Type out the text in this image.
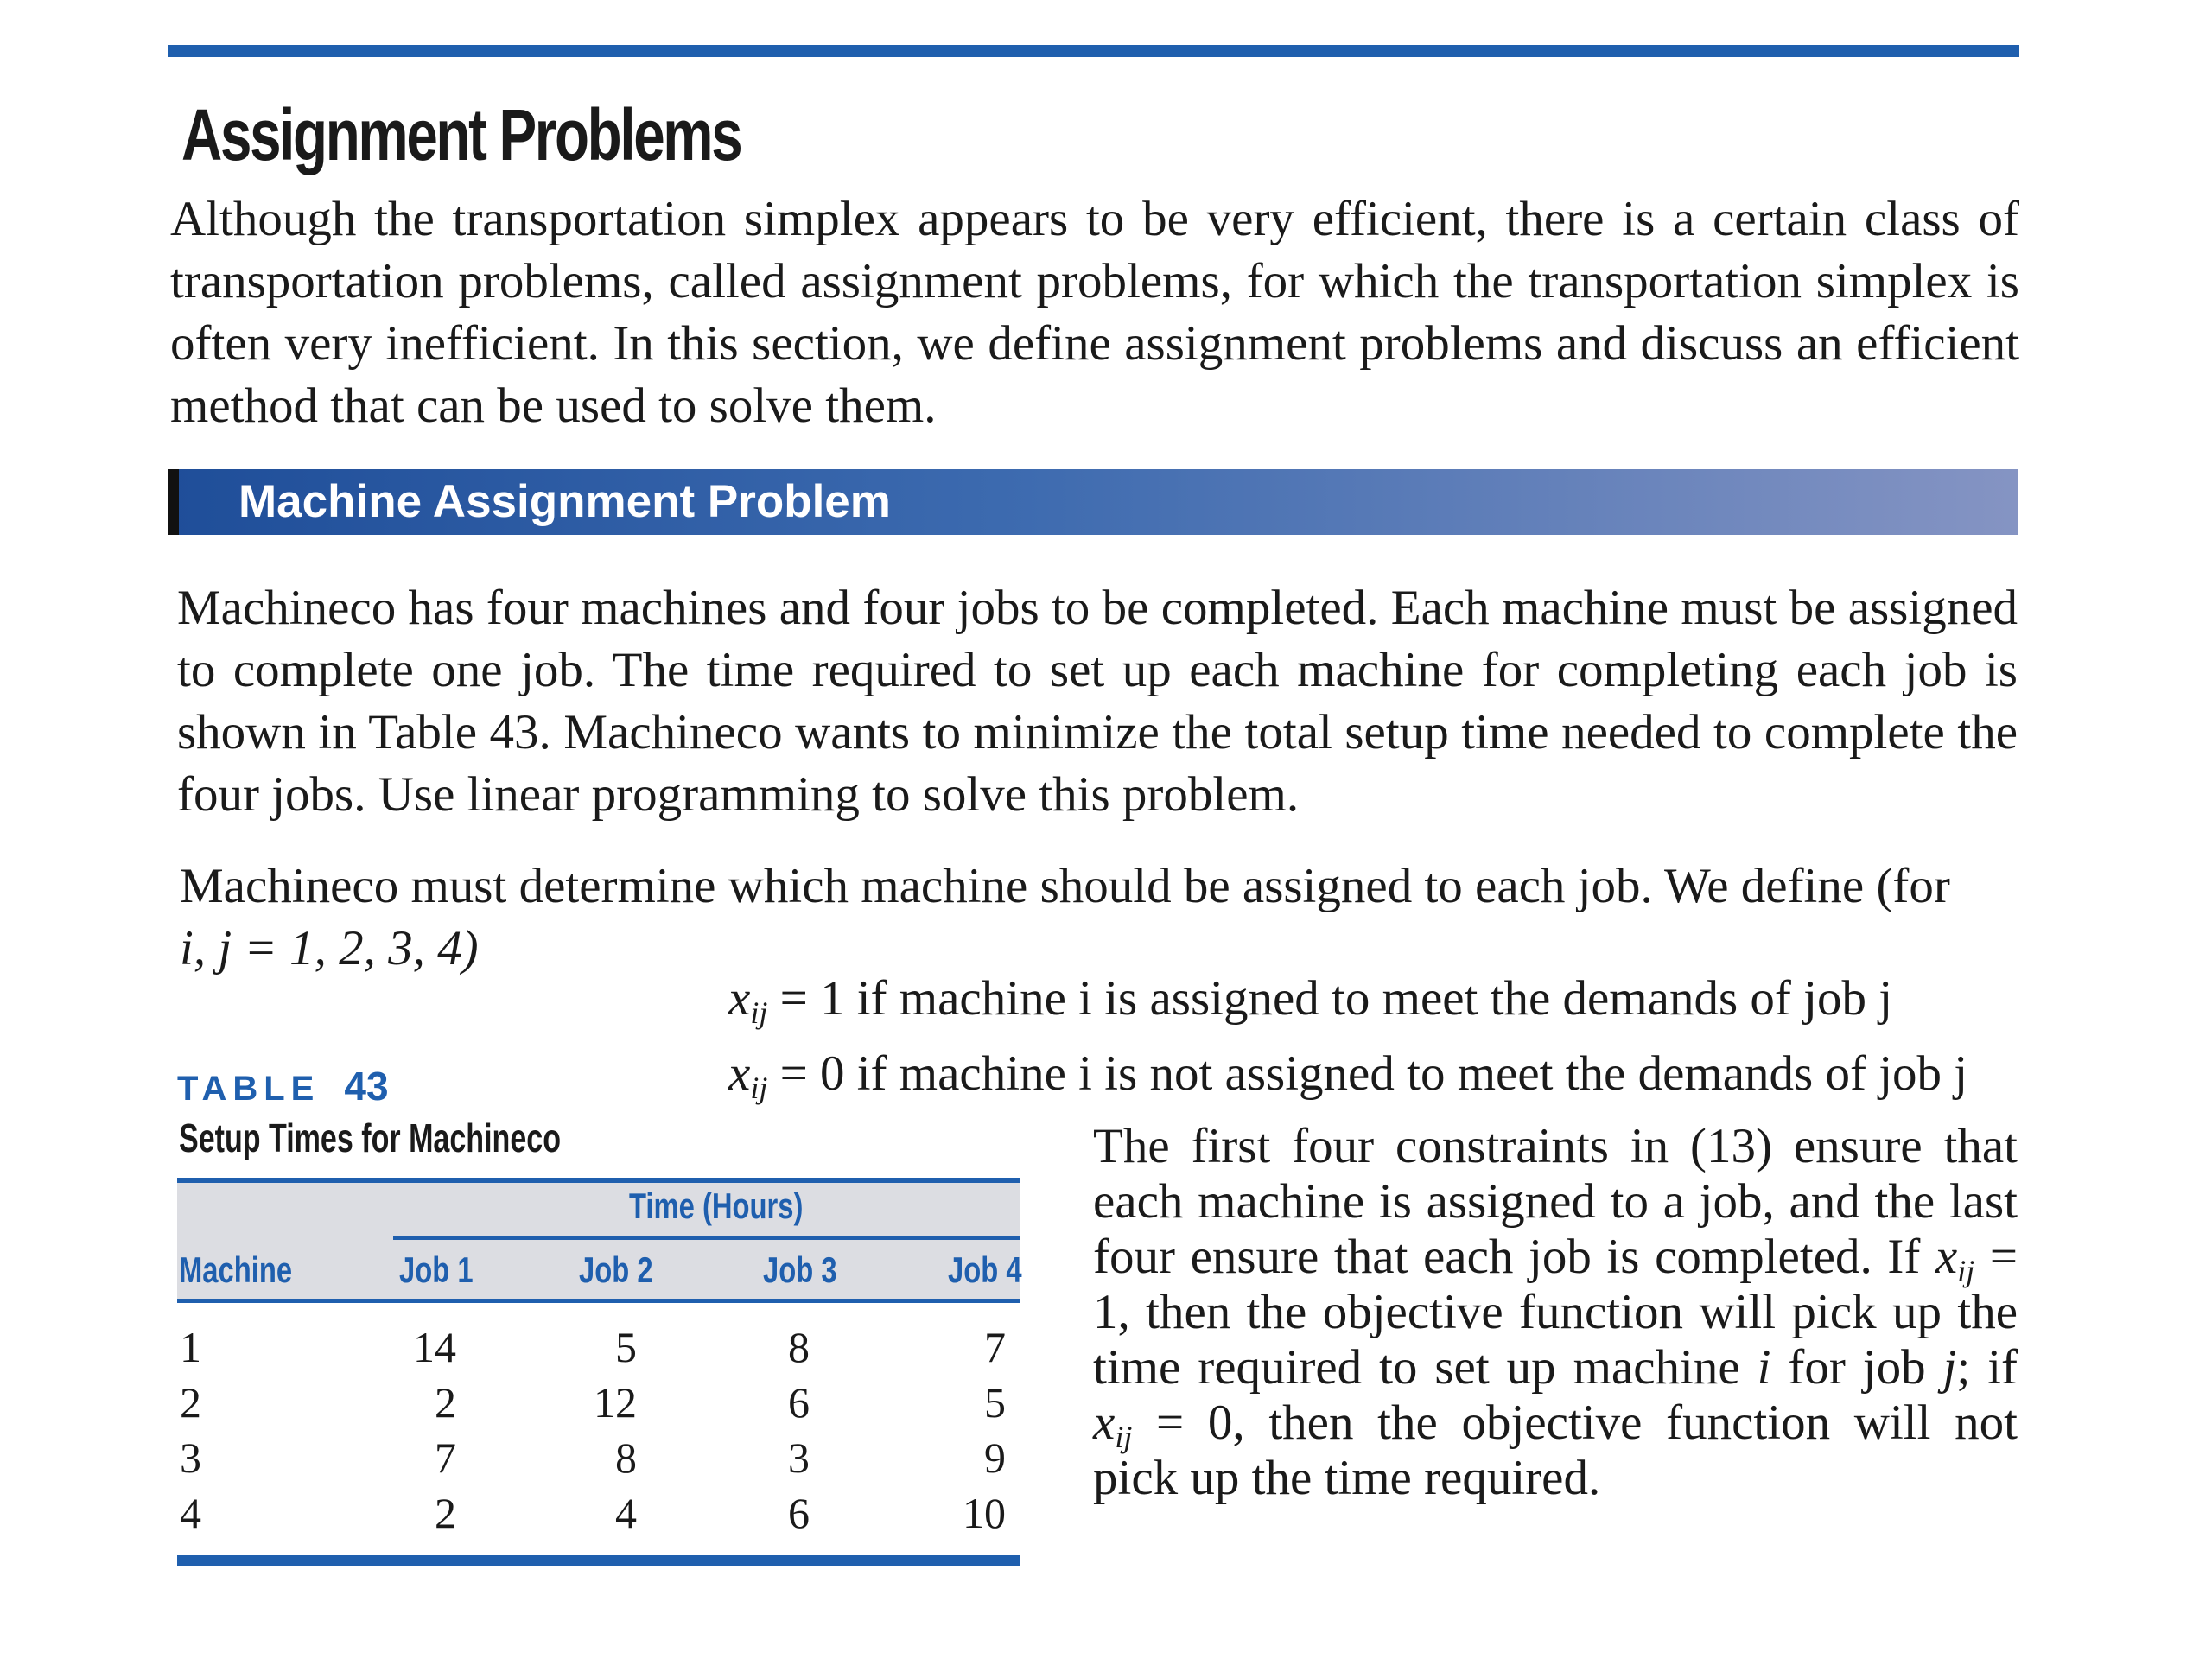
Assignment Problems
Although the transportation simplex appears to be very efficient, there is a certain class of transportation problems, called assignment problems, for which the transportation simplex is often very inefficient. In this section, we define assignment problems and discuss an efficient method that can be used to solve them.
Machine Assignment Problem
Machineco has four machines and four jobs to be completed. Each machine must be assigned to complete one job. The time required to set up each machine for completing each job is shown in Table 43. Machineco wants to minimize the total setup time needed to complete the four jobs. Use linear programming to solve this problem.
Machineco must determine which machine should be assigned to each job. We define (for
i, j = 1, 2, 3, 4)
$x_{ij} = 1$ if machine i is assigned to meet the demands of job j
$x_{ij} = 0$ if machine i is not assigned to meet the demands of job j
TABLE 43
Setup Times for Machineco
Time (Hours)
Machine	Job 1	Job 2	Job 3	Job 4
1	14	5	8	7
2	2	12	6	5
3	7	8	3	9
4	2	4	6	10
The first four constraints in (13) ensure that each machine is assigned to a job, and the last four ensure that each job is completed. If $x_{ij} = 1$, then the objective function will pick up the time required to set up machine i for job j; if $x_{ij} = 0$, then the objective function will not pick up the time required.
